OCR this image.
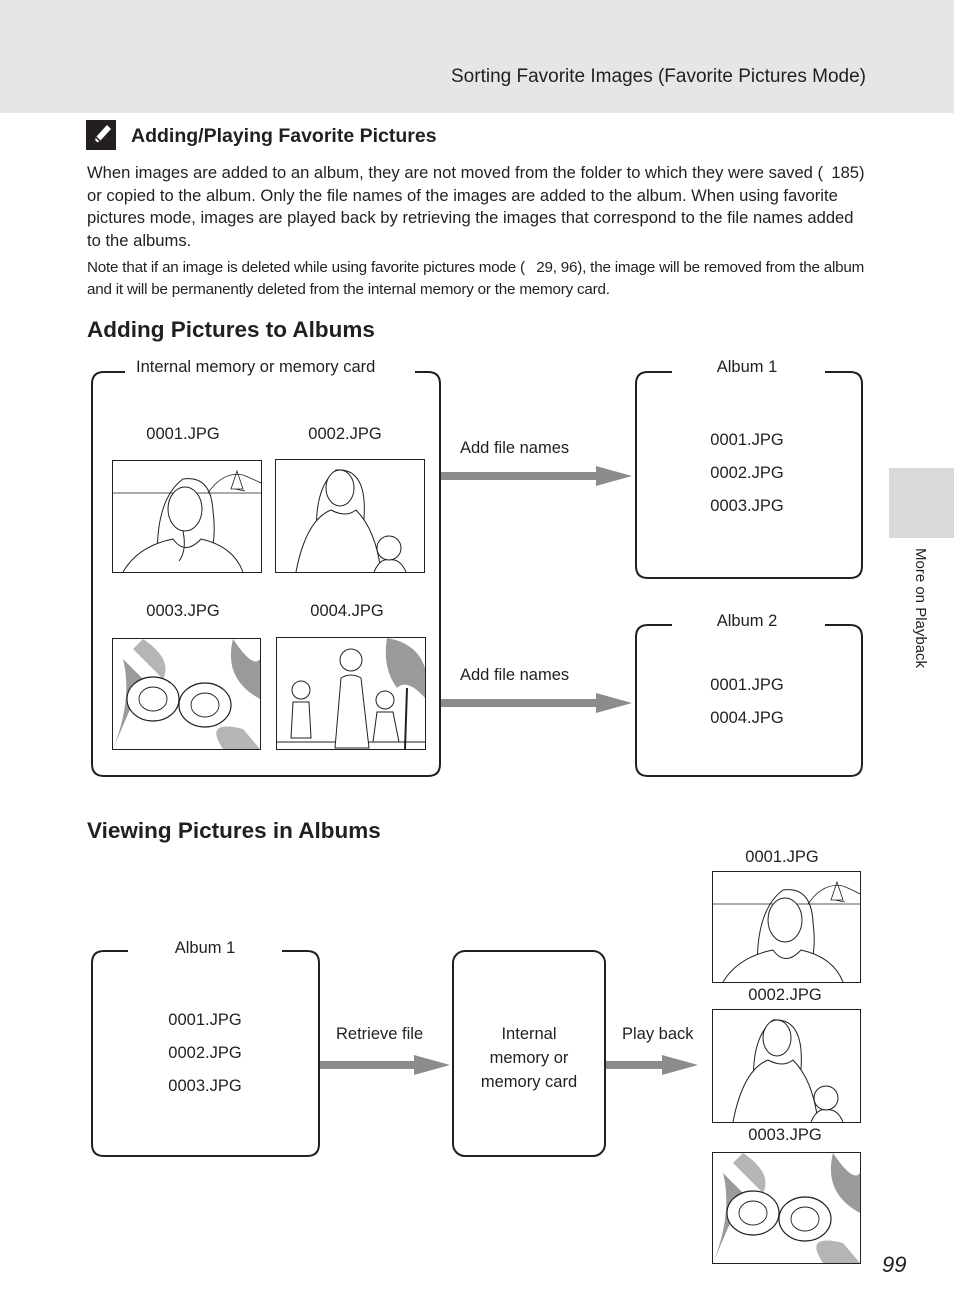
Sorting Favorite Images (Favorite Pictures Mode)
More on Playback
Adding/Playing Favorite Pictures
When images are added to an album, they are not moved from the folder to which they were saved ( 185) or copied to the album. Only the file names of the images are added to the album. When using favorite pictures mode, images are played back by retrieving the images that correspond to the file names added to the albums.
Note that if an image is deleted while using favorite pictures mode (  29, 96), the image will be removed from the album and it will be permanently deleted from the internal memory or the memory card.
Adding Pictures to Albums
Internal memory or memory card
0001.JPG	0002.JPG
0003.JPG	0004.JPG
Add file names
Add file names
Album 1
0001.JPG
0002.JPG
0003.JPG
Album 2
0001.JPG
0004.JPG
Viewing Pictures in Albums
Album 1
0001.JPG
0002.JPG
0003.JPG
Retrieve file	Internal
memory or
memory card
Play back
0001.JPG
0002.JPG
0003.JPG
99
